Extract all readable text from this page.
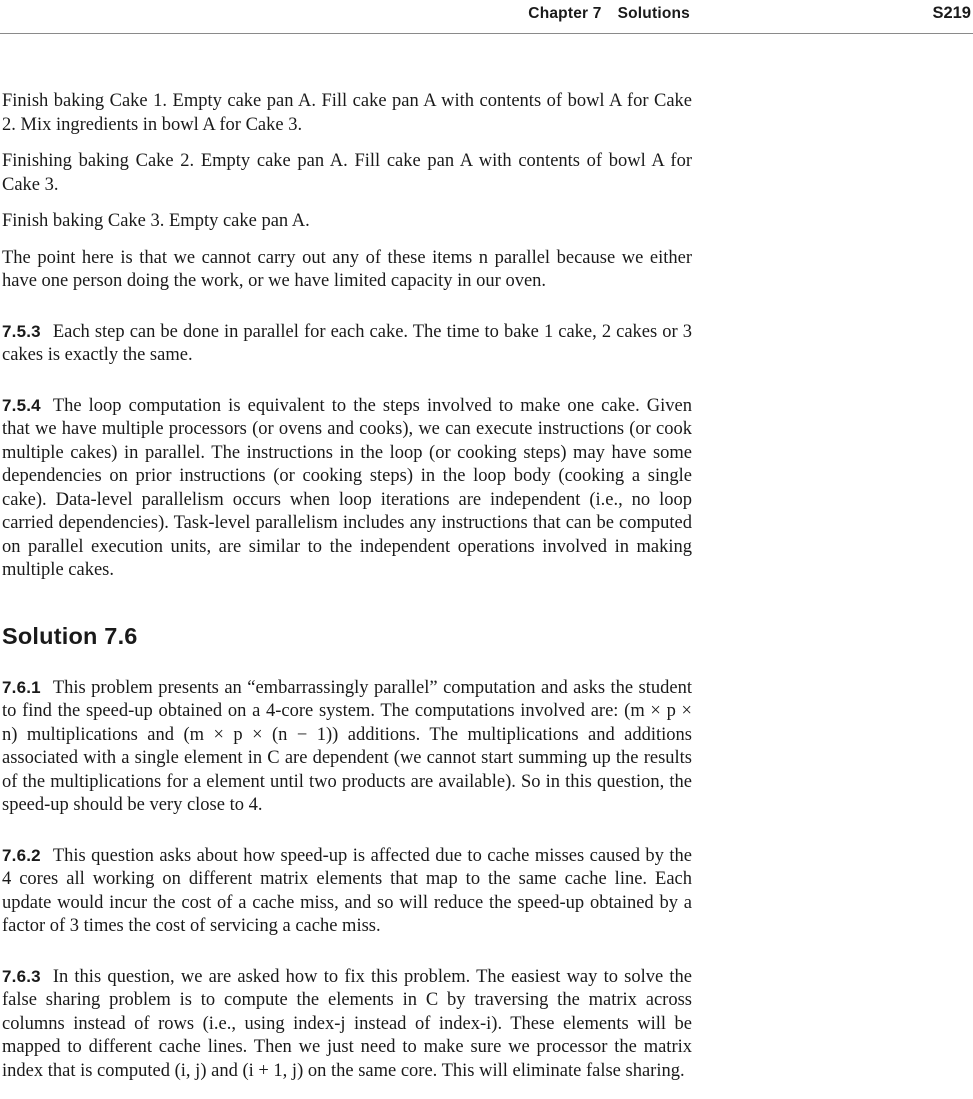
Chapter 7 Solutions	S219

Finish baking Cake 1. Empty cake pan A. Fill cake pan A with contents of bowl A for Cake 2. Mix ingredients in bowl A for Cake 3.

Finishing baking Cake 2. Empty cake pan A. Fill cake pan A with contents of bowl A for Cake 3.

Finish baking Cake 3. Empty cake pan A.

The point here is that we cannot carry out any of these items n parallel because we either have one person doing the work, or we have limited capacity in our oven.

7.5.3 Each step can be done in parallel for each cake. The time to bake 1 cake, 2 cakes or 3 cakes is exactly the same.

7.5.4 The loop computation is equivalent to the steps involved to make one cake. Given that we have multiple processors (or ovens and cooks), we can execute instructions (or cook multiple cakes) in parallel. The instructions in the loop (or cooking steps) may have some dependencies on prior instructions (or cooking steps) in the loop body (cooking a single cake). Data-level parallelism occurs when loop iterations are independent (i.e., no loop carried dependencies). Task-level parallelism includes any instructions that can be computed on parallel execution units, are similar to the independent operations involved in making multiple cakes.

Solution 7.6

7.6.1 This problem presents an “embarrassingly parallel” computation and asks the student to find the speed-up obtained on a 4-core system. The computations involved are: (m × p × n) multiplications and (m × p × (n − 1)) additions. The multiplications and additions associated with a single element in C are dependent (we cannot start summing up the results of the multiplications for a element until two products are available). So in this question, the speed-up should be very close to 4.

7.6.2 This question asks about how speed-up is affected due to cache misses caused by the 4 cores all working on different matrix elements that map to the same cache line. Each update would incur the cost of a cache miss, and so will reduce the speed-up obtained by a factor of 3 times the cost of servicing a cache miss.

7.6.3 In this question, we are asked how to fix this problem. The easiest way to solve the false sharing problem is to compute the elements in C by traversing the matrix across columns instead of rows (i.e., using index-j instead of index-i). These elements will be mapped to different cache lines. Then we just need to make sure we processor the matrix index that is computed (i, j) and (i + 1, j) on the same core. This will eliminate false sharing.
